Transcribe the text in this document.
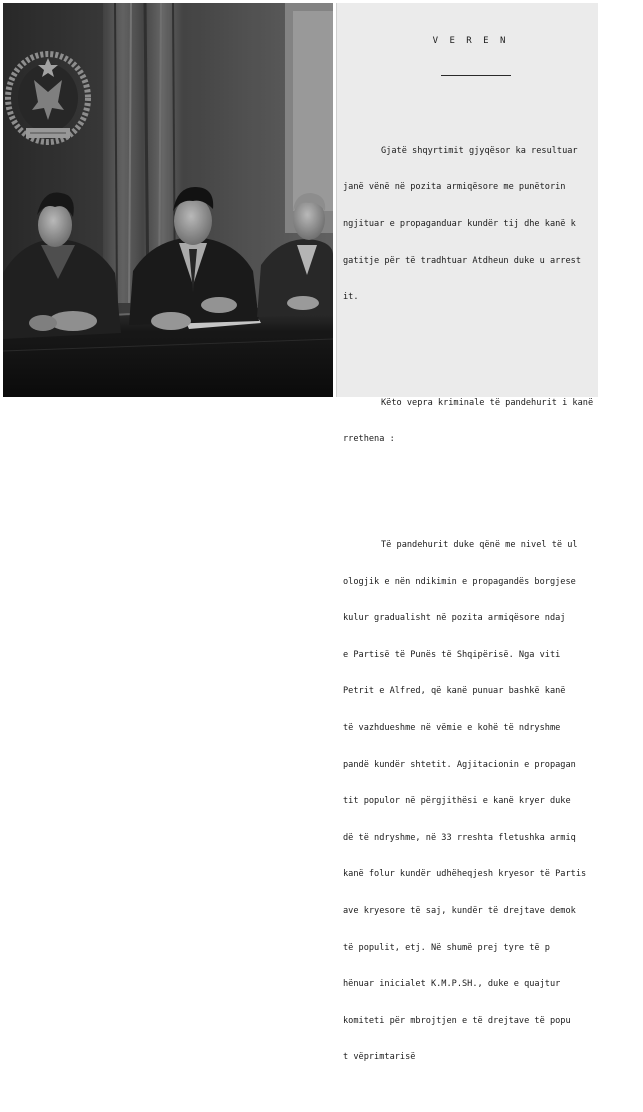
V E R E N

Gjatë shqyrtimit gjyqësor ka resultuar

janë vënë në pozita armiqësore me punëtorin

ngjituar e propaganduar kundër tij dhe kanë k

gatitje për të tradhtuar Atdheun duke u arrest

it.

Këto vepra kriminale të pandehurit i kanë

rrethena :

Të pandehurit duke qënë me nivel të ul

ologjik e nën ndikimin e propagandës borgjese

kulur gradualisht në pozita armiqësore ndaj

e Partisë të Punës të Shqipërisë. Nga viti

Petrit e Alfred, që kanë punuar bashkë kanë

të vazhdueshme në vëmie e kohë të ndryshme

pandë kundër shtetit. Agjitacionin e propagan

tit populor në përgjithësi e kanë kryer duke

dë të ndryshme, në 33 rreshta fletushka armiq

kanë folur kundër udhëheqjesh kryesor të Partis

ave kryesore të saj, kundër të drejtave demok

të populit, etj. Në shumë prej tyre të p

hënuar inicialet K.M.P.SH., duke e quajtur

komiteti për mbrojtjen e të drejtave të popu

t vëprimtarisë
